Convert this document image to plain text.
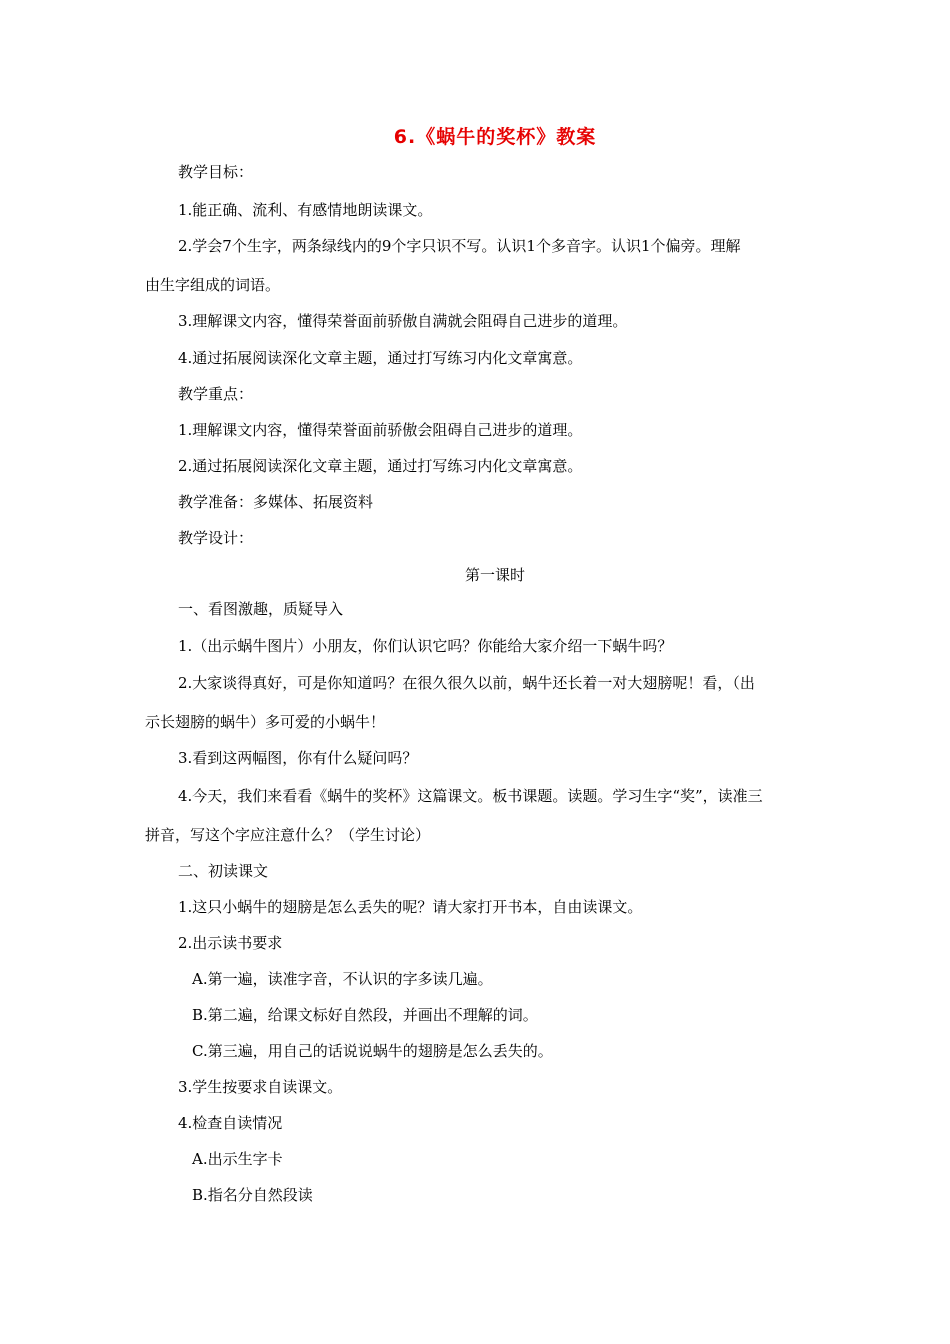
6.《蜗牛的奖杯》教案
教学目标：
1.能正确、流利、有感情地朗读课文。
2.学会7个生字，两条绿线内的9个字只识不写。认识1个多音字。认识1个偏旁。理解
由生字组成的词语。
3.理解课文内容，懂得荣誉面前骄傲自满就会阻碍自己进步的道理。
4.通过拓展阅读深化文章主题，通过打写练习内化文章寓意。
教学重点：
1.理解课文内容，懂得荣誉面前骄傲会阻碍自己进步的道理。
2.通过拓展阅读深化文章主题，通过打写练习内化文章寓意。
教学准备：多媒体、拓展资料
教学设计：
第一课时
一、看图激趣，质疑导入
1.（出示蜗牛图片）小朋友，你们认识它吗？你能给大家介绍一下蜗牛吗？
2.大家谈得真好，可是你知道吗？在很久很久以前，蜗牛还长着一对大翅膀呢！看，（出
示长翅膀的蜗牛）多可爱的小蜗牛！
3.看到这两幅图，你有什么疑问吗？
4.今天，我们来看看《蜗牛的奖杯》这篇课文。板书课题。读题。学习生字“奖”，读准三
拼音，写这个字应注意什么？（学生讨论）
二、初读课文
1.这只小蜗牛的翅膀是怎么丢失的呢？请大家打开书本，自由读课文。
2.出示读书要求
A.第一遍，读准字音，不认识的字多读几遍。
B.第二遍，给课文标好自然段，并画出不理解的词。
C.第三遍，用自己的话说说蜗牛的翅膀是怎么丢失的。
3.学生按要求自读课文。
4.检查自读情况
A.出示生字卡
B.指名分自然段读
